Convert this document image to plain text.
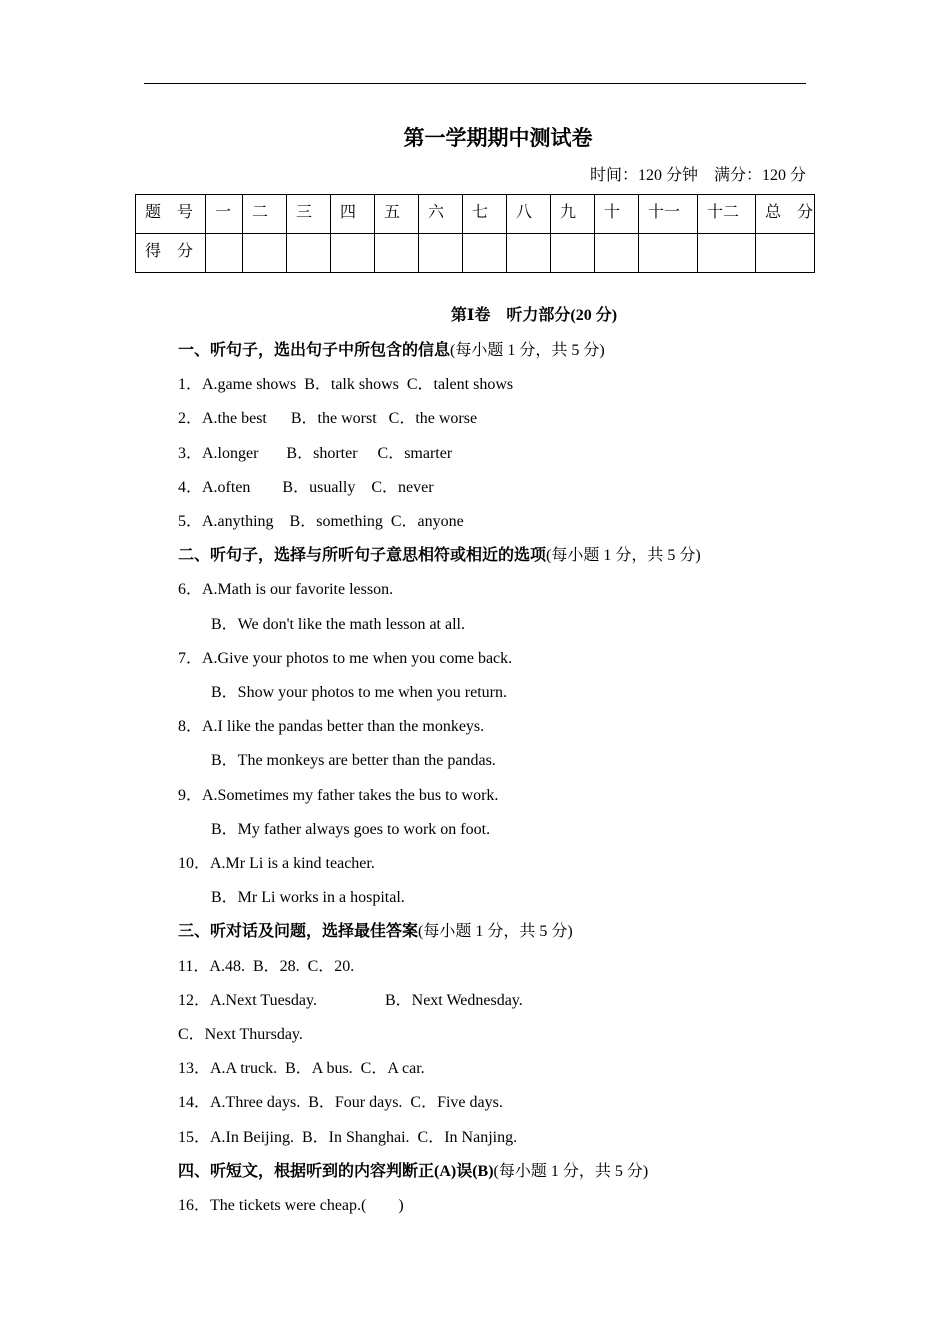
第一学期期中测试卷
时间：120 分钟　满分：120 分
题　号	一	二	三	四	五	六	七	八	九	十	十一	十二	总　分
得　分													
第Ⅰ卷　听力部分(20 分)
一、听句子，选出句子中所包含的信息(每小题 1 分，共 5 分)
1．A.game shows  B．talk shows  C．talent shows
2．A.the best      B．the worst   C．the worse
3．A.longer       B．shorter     C．smarter
4．A.often        B．usually    C．never
5．A.anything    B．something  C．anyone
二、听句子，选择与所听句子意思相符或相近的选项(每小题 1 分，共 5 分)
6．A.Math is our favorite lesson.
B．We don't like the math lesson at all.
7．A.Give your photos to me when you come back.
B．Show your photos to me when you return.
8．A.I like the pandas better than the monkeys.
B．The monkeys are better than the pandas.
9．A.Sometimes my father takes the bus to work.
B．My father always goes to work on foot.
10．A.Mr Li is a kind teacher.
B．Mr Li works in a hospital.
三、听对话及问题，选择最佳答案(每小题 1 分，共 5 分)
11．A.48.  B．28.  C．20.
12．A.Next Tuesday.                 B．Next Wednesday.
C．Next Thursday.
13．A.A truck.  B．A bus.  C．A car.
14．A.Three days.  B．Four days.  C．Five days.
15．A.In Beijing.  B．In Shanghai.  C．In Nanjing.
四、听短文，根据听到的内容判断正(A)误(B)(每小题 1 分，共 5 分)
16．The tickets were cheap.(        )
